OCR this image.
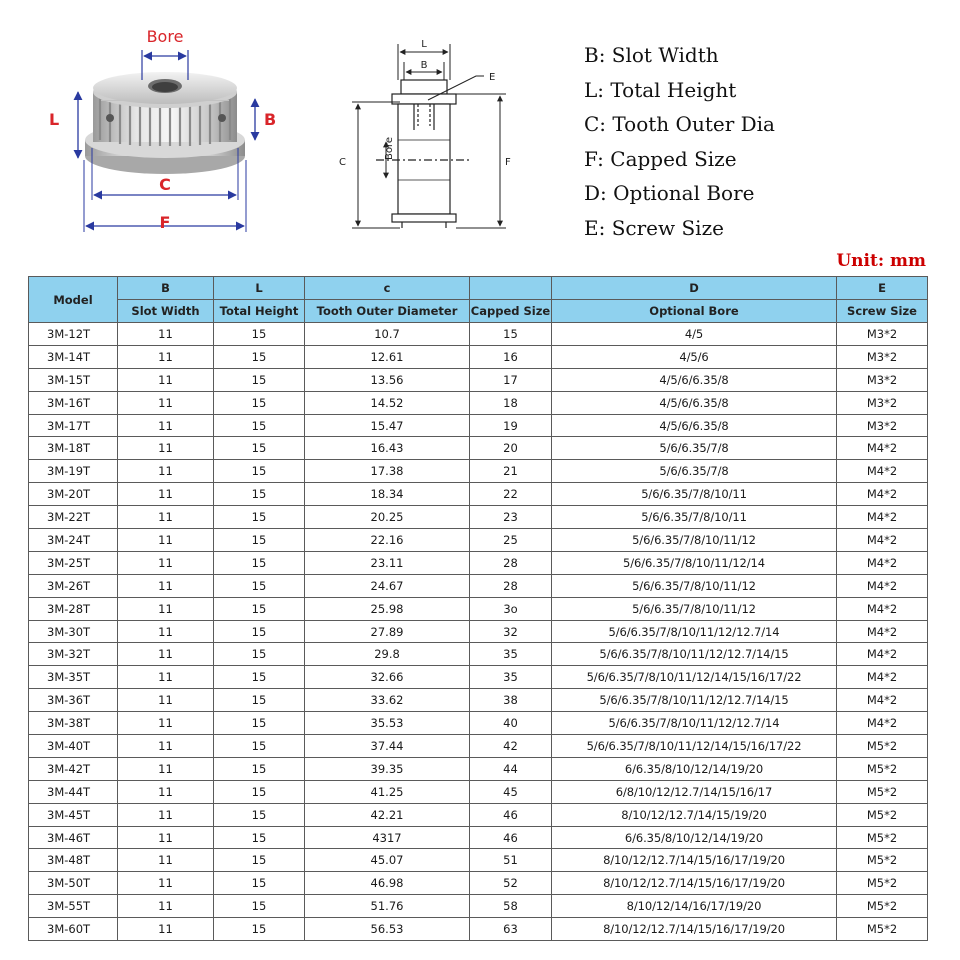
Bore
L	B
C
F
L
B
E
C
Bore
F
B: Slot Width
L: Total Height
C: Tooth Outer Dia
F: Capped Size
D: Optional Bore
E: Screw Size
Unit: mm
Model	B	L	c		D	E
	Slot Width	Total Height	Tooth Outer Diameter	Capped Size	Optional Bore	Screw Size
3M-12T	11	15	10.7	15	4/5	M3*2
3M-14T	11	15	12.61	16	4/5/6	M3*2
3M-15T	11	15	13.56	17	4/5/6/6.35/8	M3*2
3M-16T	11	15	14.52	18	4/5/6/6.35/8	M3*2
3M-17T	11	15	15.47	19	4/5/6/6.35/8	M3*2
3M-18T	11	15	16.43	20	5/6/6.35/7/8	M4*2
3M-19T	11	15	17.38	21	5/6/6.35/7/8	M4*2
3M-20T	11	15	18.34	22	5/6/6.35/7/8/10/11	M4*2
3M-22T	11	15	20.25	23	5/6/6.35/7/8/10/11	M4*2
3M-24T	11	15	22.16	25	5/6/6.35/7/8/10/11/12	M4*2
3M-25T	11	15	23.11	28	5/6/6.35/7/8/10/11/12/14	M4*2
3M-26T	11	15	24.67	28	5/6/6.35/7/8/10/11/12	M4*2
3M-28T	11	15	25.98	3o	5/6/6.35/7/8/10/11/12	M4*2
3M-30T	11	15	27.89	32	5/6/6.35/7/8/10/11/12/12.7/14	M4*2
3M-32T	11	15	29.8	35	5/6/6.35/7/8/10/11/12/12.7/14/15	M4*2
3M-35T	11	15	32.66	35	5/6/6.35/7/8/10/11/12/14/15/16/17/22	M4*2
3M-36T	11	15	33.62	38	5/6/6.35/7/8/10/11/12/12.7/14/15	M4*2
3M-38T	11	15	35.53	40	5/6/6.35/7/8/10/11/12/12.7/14	M4*2
3M-40T	11	15	37.44	42	5/6/6.35/7/8/10/11/12/14/15/16/17/22	M5*2
3M-42T	11	15	39.35	44	6/6.35/8/10/12/14/19/20	M5*2
3M-44T	11	15	41.25	45	6/8/10/12/12.7/14/15/16/17	M5*2
3M-45T	11	15	42.21	46	8/10/12/12.7/14/15/19/20	M5*2
3M-46T	11	15	4317	46	6/6.35/8/10/12/14/19/20	M5*2
3M-48T	11	15	45.07	51	8/10/12/12.7/14/15/16/17/19/20	M5*2
3M-50T	11	15	46.98	52	8/10/12/12.7/14/15/16/17/19/20	M5*2
3M-55T	11	15	51.76	58	8/10/12/14/16/17/19/20	M5*2
3M-60T	11	15	56.53	63	8/10/12/12.7/14/15/16/17/19/20	M5*2
